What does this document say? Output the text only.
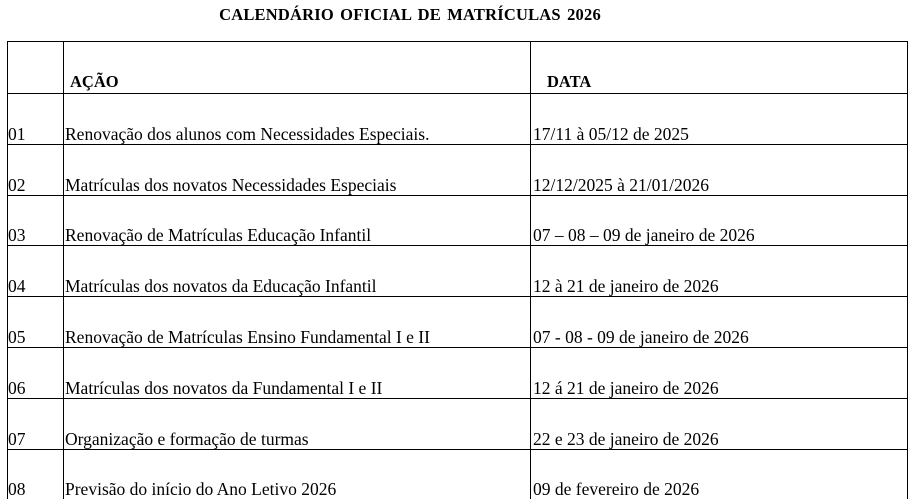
CALENDÁRIO OFICIAL DE MATRÍCULAS 2026
	AÇÃO	DATA
01	Renovação dos alunos com Necessidades Especiais.	17/11 à 05/12 de 2025
02	Matrículas dos novatos Necessidades Especiais	12/12/2025 à 21/01/2026
03	Renovação de Matrículas Educação Infantil	07 – 08 – 09 de janeiro de 2026
04	Matrículas dos novatos da Educação Infantil	12 à 21 de janeiro de 2026
05	Renovação de Matrículas Ensino Fundamental I e II	07 - 08 - 09 de janeiro de 2026
06	Matrículas dos novatos da Fundamental I e II	12 á 21 de janeiro de 2026
07	Organização e formação de turmas	22 e 23 de janeiro de 2026
08	Previsão do início do Ano Letivo 2026	09 de fevereiro de 2026
